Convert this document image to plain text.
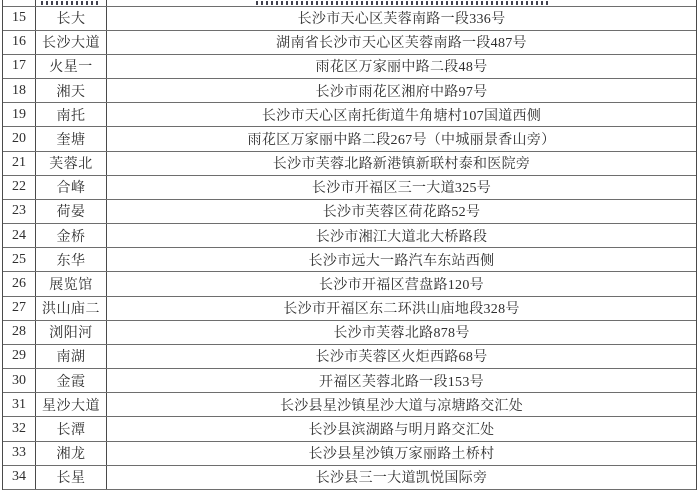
15	长大	长沙市天心区芙蓉南路一段336号
16	长沙大道	湖南省长沙市天心区芙蓉南路一段487号
17	火星一	雨花区万家丽中路二段48号
18	湘天	长沙市雨花区湘府中路97号
19	南托	长沙市天心区南托街道牛角塘村107国道西侧
20	奎塘	雨花区万家丽中路二段267号（中城丽景香山旁）
21	芙蓉北	长沙市芙蓉北路新港镇新联村泰和医院旁
22	合峰	长沙市开福区三一大道325号
23	荷晏	长沙市芙蓉区荷花路52号
24	金桥	长沙市湘江大道北大桥路段
25	东华	长沙市远大一路汽车东站西侧
26	展览馆	长沙市开福区营盘路120号
27	洪山庙二	长沙市开福区东二环洪山庙地段328号
28	浏阳河	长沙市芙蓉北路878号
29	南湖	长沙市芙蓉区火炬西路68号
30	金霞	开福区芙蓉北路一段153号
31	星沙大道	长沙县星沙镇星沙大道与凉塘路交汇处
32	长潭	长沙县滨湖路与明月路交汇处
33	湘龙	长沙县星沙镇万家丽路土桥村
34	长星	长沙县三一大道凯悦国际旁
